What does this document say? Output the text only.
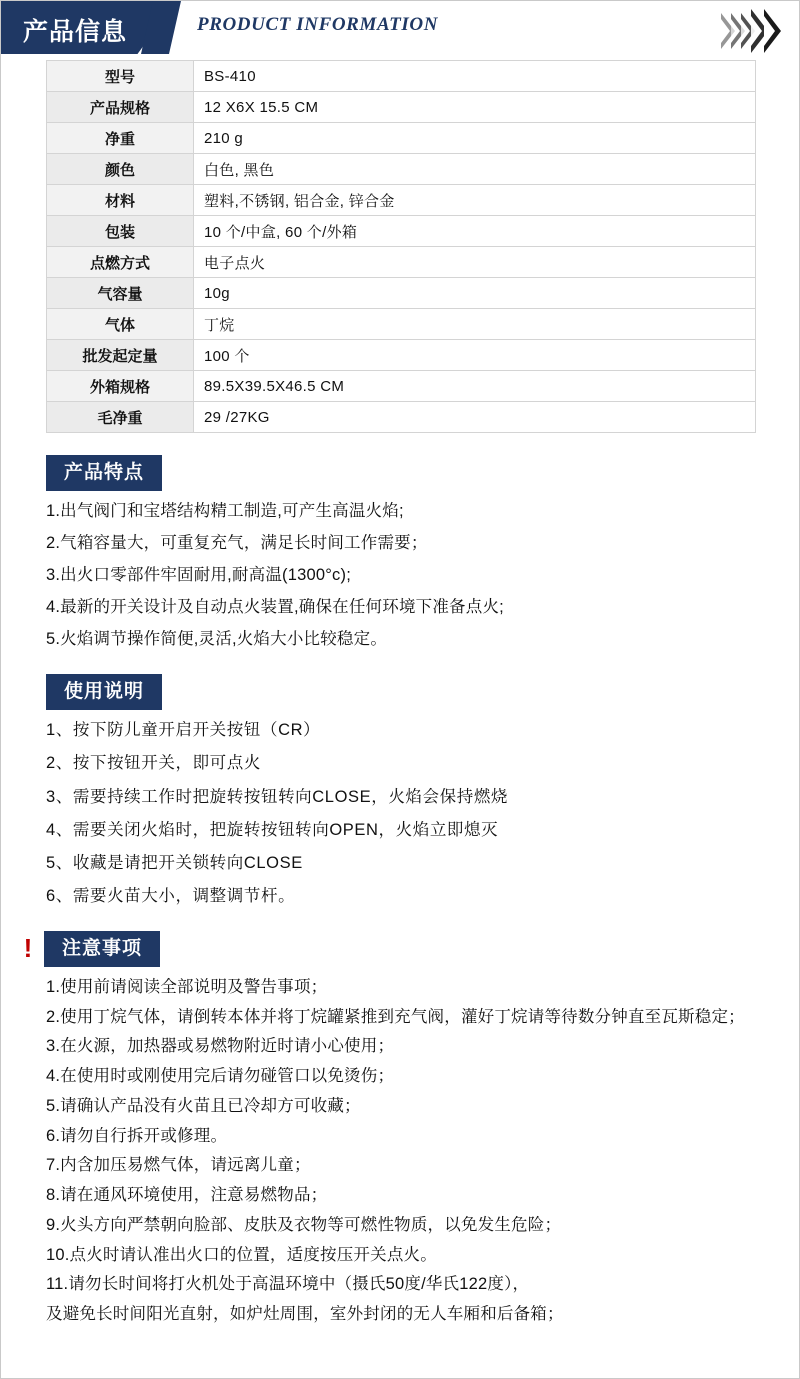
产品信息	PRODUCT INFORMATION
型号	BS-410
产品规格	12 X6X 15.5 CM
净重	210 g
颜色	白色, 黑色
材料	塑料,不锈钢, 铝合金, 锌合金
包装	10 个/中盒, 60 个/外箱
点燃方式	电子点火
气容量	10g
气体	丁烷
批发起定量	100 个
外箱规格	89.5X39.5X46.5 CM
毛净重	29 /27KG
产品特点

1.出气阀门和宝塔结构精工制造,可产生高温火焰;

2.气箱容量大，可重复充气，满足长时间工作需要；

3.出火口零部件牢固耐用,耐高温(1300°c);

4.最新的开关设计及自动点火装置,确保在任何环境下准备点火;

5.火焰调节操作简便,灵活,火焰大小比较稳定。

使用说明

1、按下防儿童开启开关按钮（CR）

2、按下按钮开关，即可点火

3、需要持续工作时把旋转按钮转向CLOSE，火焰会保持燃烧

4、需要关闭火焰时，把旋转按钮转向OPEN，火焰立即熄灭

5、收藏是请把开关锁转向CLOSE

6、需要火苗大小，调整调节杆。

!	注意事项

1.使用前请阅读全部说明及警告事项；

2.使用丁烷气体，请倒转本体并将丁烷罐紧推到充气阀，灌好丁烷请等待数分钟直至瓦斯稳定；

3.在火源，加热器或易燃物附近时请小心使用；

4.在使用时或刚使用完后请勿碰管口以免烫伤；

5.请确认产品没有火苗且已冷却方可收藏；

6.请勿自行拆开或修理。

7.内含加压易燃气体，请远离儿童；

8.请在通风环境使用，注意易燃物品；

9.火头方向严禁朝向脸部、皮肤及衣物等可燃性物质，以免发生危险；

10.点火时请认准出火口的位置，适度按压开关点火。

11.请勿长时间将打火机处于高温环境中（摄氏50度/华氏122度），

及避免长时间阳光直射，如炉灶周围，室外封闭的无人车厢和后备箱；
